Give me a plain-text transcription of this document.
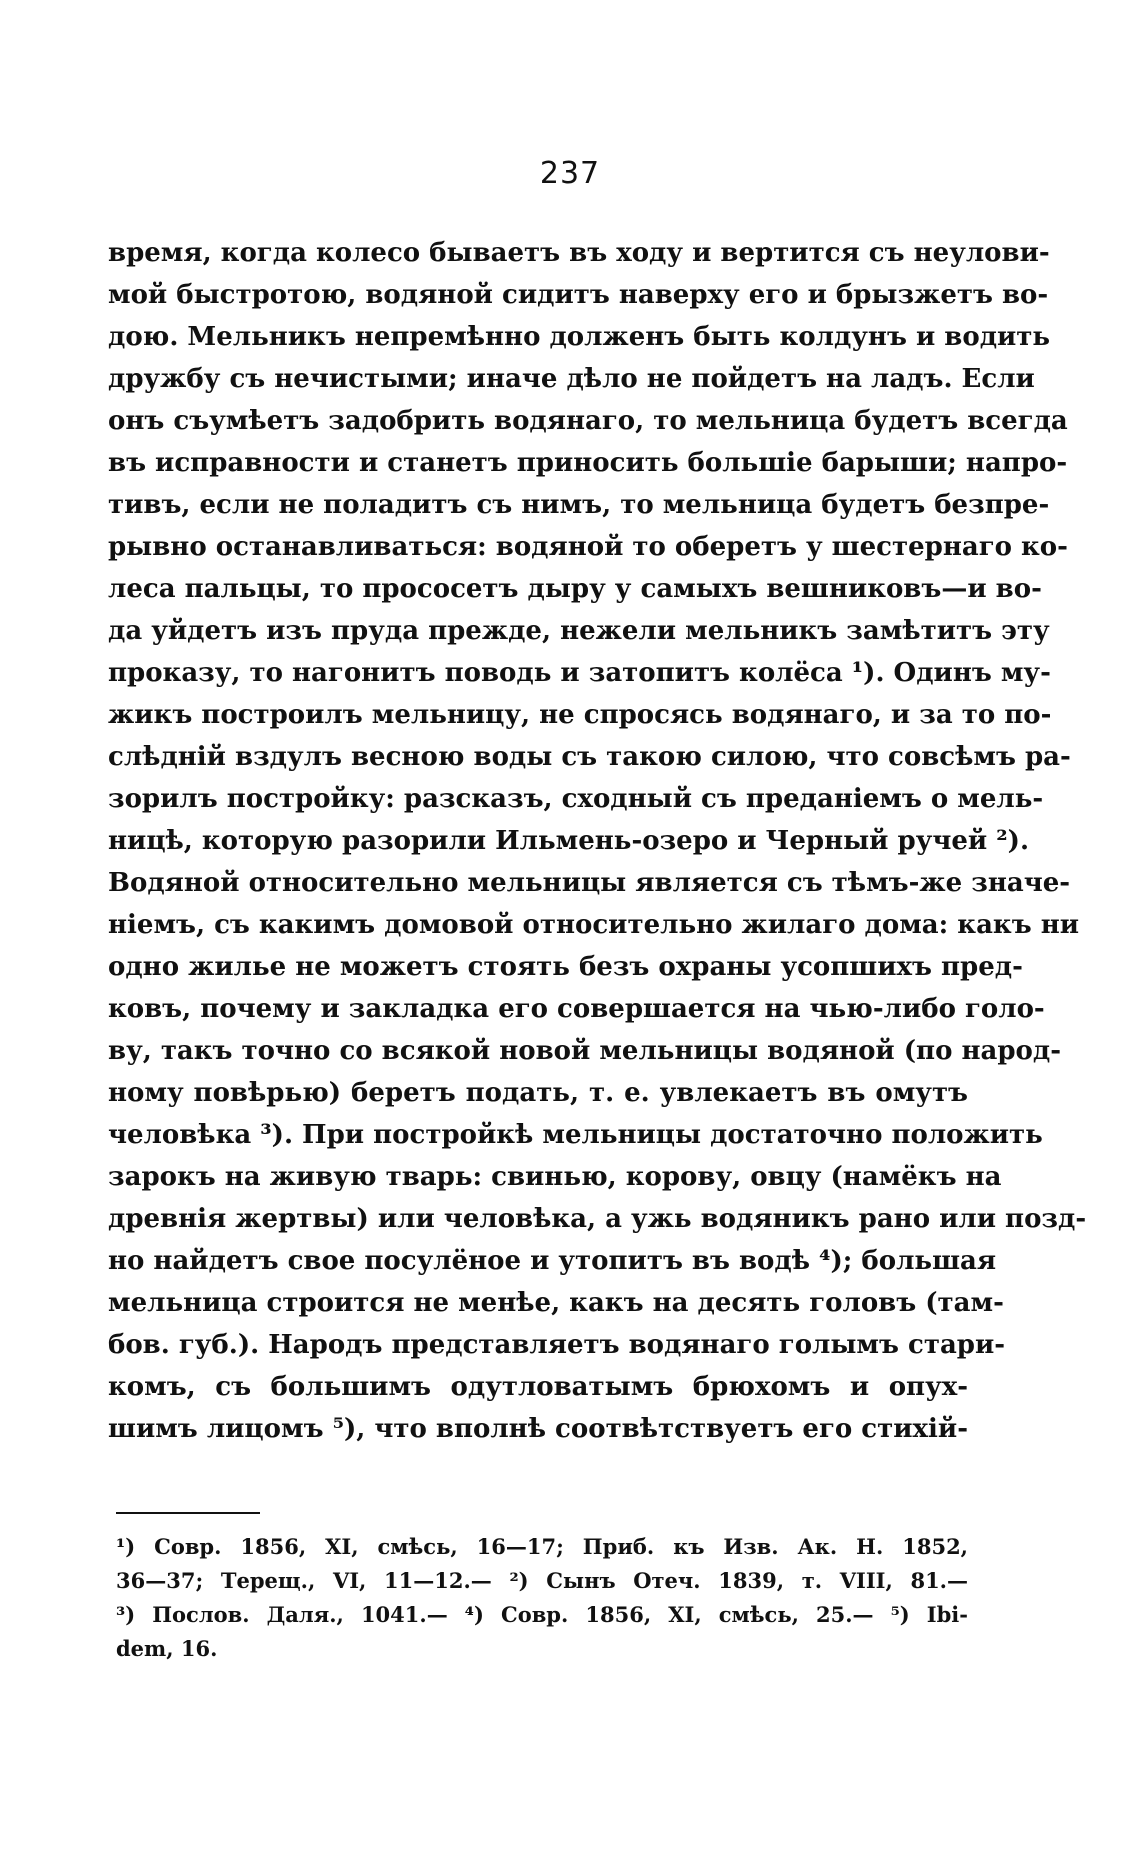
237
время, когда колесо бываетъ въ ходу и вертится съ неулови-
мой быстротою, водяной сидитъ наверху его и брызжетъ во-
дою. Мельникъ непремѣнно долженъ быть колдунъ и водить
дружбу съ нечистыми; иначе дѣло не пойдетъ на ладъ. Если
онъ съумѣетъ задобрить водянаго, то мельница будетъ всегда
въ исправности и станетъ приносить большіе барыши; напро-
тивъ, если не поладитъ съ нимъ, то мельница будетъ безпре-
рывно останавливаться: водяной то оберетъ у шестернаго ко-
леса пальцы, то прососетъ дыру у самыхъ вешниковъ—и во-
да уйдетъ изъ пруда прежде, нежели мельникъ замѣтитъ эту
проказу, то нагонитъ поводь и затопитъ колёса ¹). Одинъ му-
жикъ построилъ мельницу, не спросясь водянаго, и за то по-
слѣдній вздулъ весною воды съ такою силою, что совсѣмъ ра-
зорилъ постройку: разсказъ, сходный съ преданіемъ о мель-
ницѣ, которую разорили Ильмень-озеро и Черный ручей ²).
Водяной относительно мельницы является съ тѣмъ-же значе-
ніемъ, съ какимъ домовой относительно жилаго дома: какъ ни
одно жилье не можетъ стоять безъ охраны усопшихъ пред-
ковъ, почему и закладка его совершается на чью-либо голо-
ву, такъ точно со всякой новой мельницы водяной (по народ-
ному повѣрью) беретъ подать, т. е. увлекаетъ въ омутъ
человѣка ³). При постройкѣ мельницы достаточно положить
зарокъ на живую тварь: свинью, корову, овцу (намёкъ на
древнія жертвы) или человѣка, а ужь водяникъ рано или позд-
но найдетъ свое посулёное и утопитъ въ водѣ ⁴); большая
мельница строится не менѣе, какъ на десять головъ (там-
бов. губ.). Народъ представляетъ водянаго голымъ стари-
комъ, съ большимъ одутловатымъ брюхомъ и опух-
шимъ лицомъ ⁵), что вполнѣ соотвѣтствуетъ его стихій-
¹) Совр. 1856, XI, смѣсь, 16—17; Приб. къ Изв. Ак. Н. 1852,
36—37; Терещ., VI, 11—12.— ²) Сынъ Отеч. 1839, т. VIII, 81.—
³) Послов. Даля., 1041.— ⁴) Совр. 1856, XI, смѣсь, 25.— ⁵) Ibi-
dem, 16.
